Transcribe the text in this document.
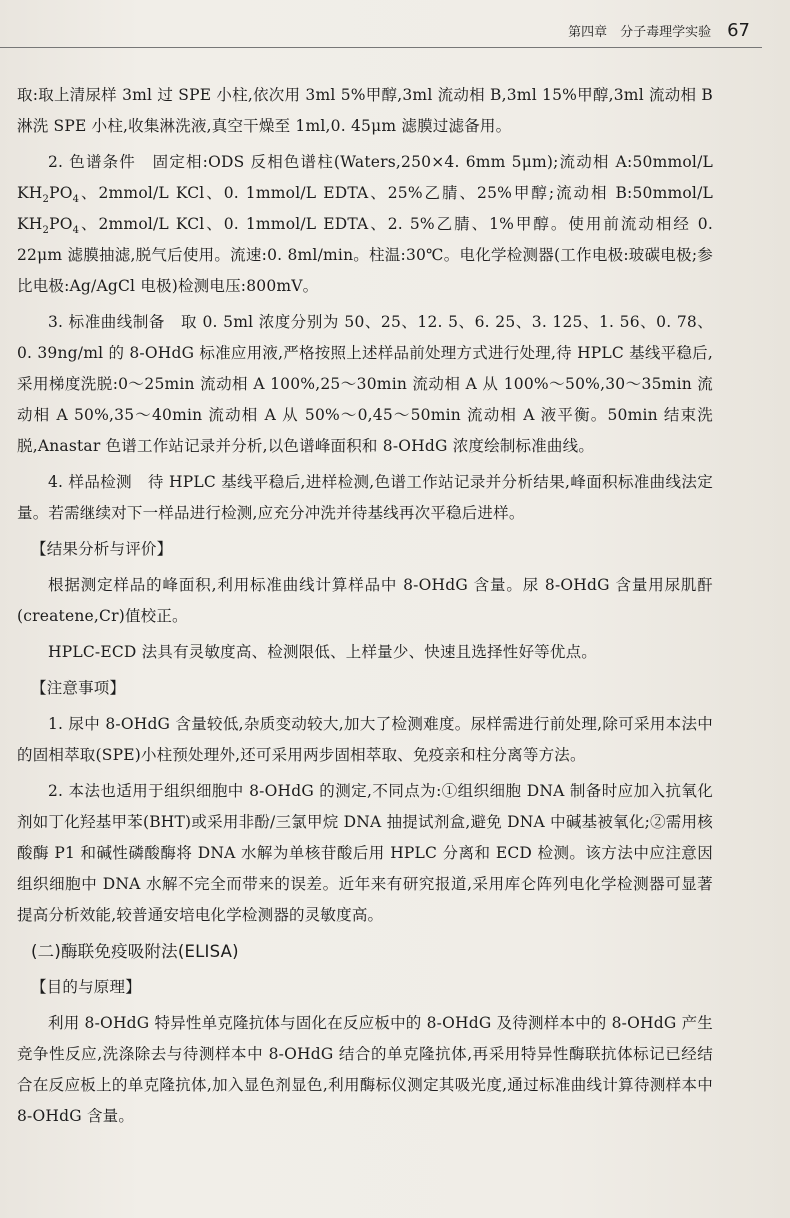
第四章　分子毒理学实验 67

取:取上清尿样 3ml 过 SPE 小柱,依次用 3ml 5%甲醇,3ml 流动相 B,3ml 15%甲醇,3ml 流动相 B 淋洗 SPE 小柱,收集淋洗液,真空干燥至 1ml,0. 45μm 滤膜过滤备用。

2. 色谱条件　固定相:ODS 反相色谱柱(Waters,250×4. 6mm 5μm);流动相 A:50mmol/L $KH_2PO_4$、2mmol/L KCl、0. 1mmol/L EDTA、25%乙腈、25%甲醇;流动相 B:50mmol/L $KH_2PO_4$、2mmol/L KCl、0. 1mmol/L EDTA、2. 5%乙腈、1%甲醇。使用前流动相经 0. 22μm 滤膜抽滤,脱气后使用。流速:0. 8ml/min。柱温:30℃。电化学检测器(工作电极:玻碳电极;参比电极:Ag/AgCl 电极)检测电压:800mV。

3. 标准曲线制备　取 0. 5ml 浓度分别为 50、25、12. 5、6. 25、3. 125、1. 56、0. 78、0. 39ng/ml 的 8-OHdG 标准应用液,严格按照上述样品前处理方式进行处理,待 HPLC 基线平稳后,采用梯度洗脱:0～25min 流动相 A 100%,25～30min 流动相 A 从 100%～50%,30～35min 流动相 A 50%,35～40min 流动相 A 从 50%～0,45～50min 流动相 A 液平衡。50min 结束洗脱,Anastar 色谱工作站记录并分析,以色谱峰面积和 8-OHdG 浓度绘制标准曲线。

4. 样品检测　待 HPLC 基线平稳后,进样检测,色谱工作站记录并分析结果,峰面积标准曲线法定量。若需继续对下一样品进行检测,应充分冲洗并待基线再次平稳后进样。

【结果分析与评价】

根据测定样品的峰面积,利用标准曲线计算样品中 8-OHdG 含量。尿 8-OHdG 含量用尿肌酐(createne,Cr)值校正。

HPLC-ECD 法具有灵敏度高、检测限低、上样量少、快速且选择性好等优点。

【注意事项】

1. 尿中 8-OHdG 含量较低,杂质变动较大,加大了检测难度。尿样需进行前处理,除可采用本法中的固相萃取(SPE)小柱预处理外,还可采用两步固相萃取、免疫亲和柱分离等方法。

2. 本法也适用于组织细胞中 8-OHdG 的测定,不同点为:①组织细胞 DNA 制备时应加入抗氧化剂如丁化羟基甲苯(BHT)或采用非酚/三氯甲烷 DNA 抽提试剂盒,避免 DNA 中碱基被氧化;②需用核酸酶 P1 和碱性磷酸酶将 DNA 水解为单核苷酸后用 HPLC 分离和 ECD 检测。该方法中应注意因组织细胞中 DNA 水解不完全而带来的误差。近年来有研究报道,采用库仑阵列电化学检测器可显著提高分析效能,较普通安培电化学检测器的灵敏度高。

(二)酶联免疫吸附法(ELISA)
【目的与原理】

利用 8-OHdG 特异性单克隆抗体与固化在反应板中的 8-OHdG 及待测样本中的 8-OHdG 产生竞争性反应,洗涤除去与待测样本中 8-OHdG 结合的单克隆抗体,再采用特异性酶联抗体标记已经结合在反应板上的单克隆抗体,加入显色剂显色,利用酶标仪测定其吸光度,通过标准曲线计算待测样本中 8-OHdG 含量。
